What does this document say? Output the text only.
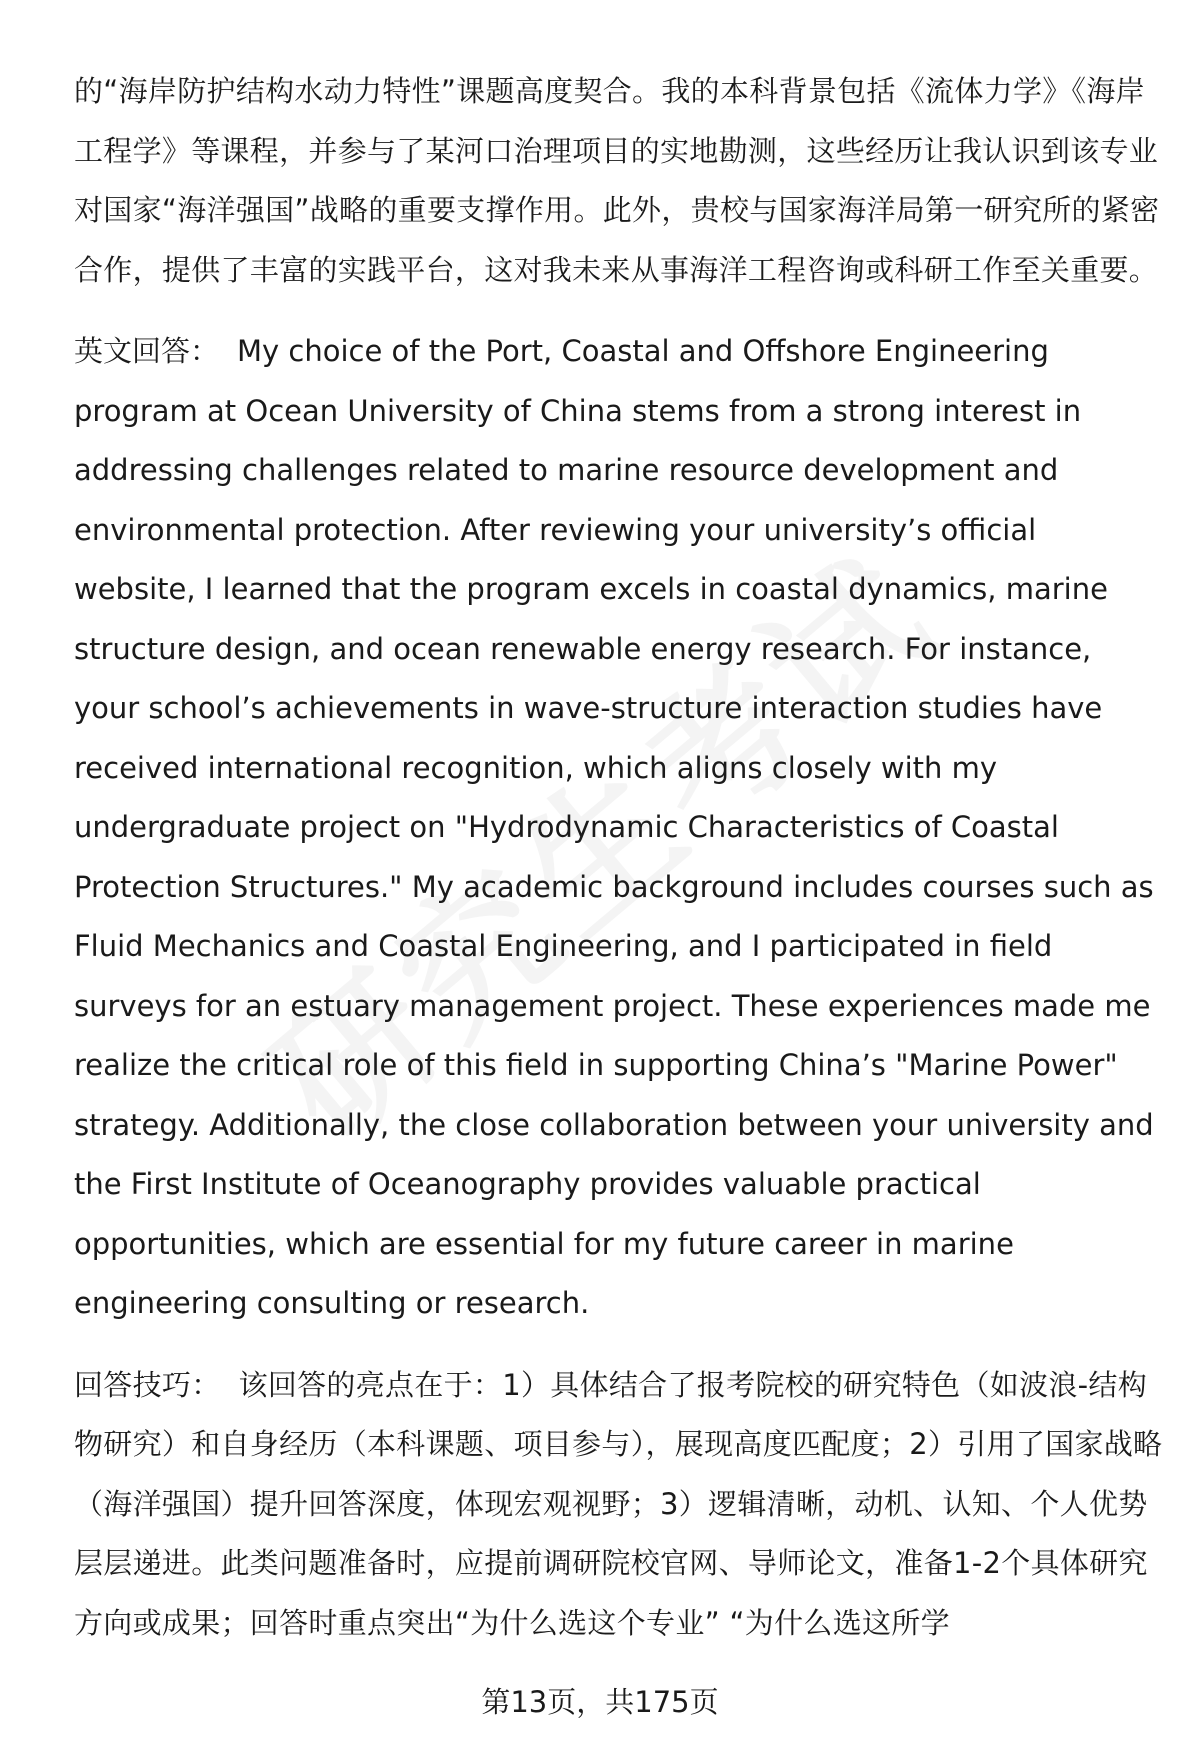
的“海岸防护结构水动力特性”课题高度契合。我的本科背景包括《流体力学》《海岸工程学》等课程，并参与了某河口治理项目的实地勘测，这些经历让我认识到该专业对国家“海洋强国”战略的重要支撑作用。此外，贵校与国家海洋局第一研究所的紧密合作，提供了丰富的实践平台，这对我未来从事海洋工程咨询或科研工作至关重要。

英文回答： My choice of the Port, Coastal and Offshore Engineering program at Ocean University of China stems from a strong interest in addressing challenges related to marine resource development and environmental protection. After reviewing your university’s official website, I learned that the program excels in coastal dynamics, marine structure design, and ocean renewable energy research. For instance, your school’s achievements in wave-structure interaction studies have received international recognition, which aligns closely with my undergraduate project on "Hydrodynamic Characteristics of Coastal Protection Structures." My academic background includes courses such as Fluid Mechanics and Coastal Engineering, and I participated in field surveys for an estuary management project. These experiences made me realize the critical role of this field in supporting China’s "Marine Power" strategy. Additionally, the close collaboration between your university and the First Institute of Oceanography provides valuable practical opportunities, which are essential for my future career in marine engineering consulting or research.

回答技巧： 该回答的亮点在于：1）具体结合了报考院校的研究特色（如波浪-结构物研究）和自身经历（本科课题、项目参与），展现高度匹配度；2）引用了国家战略（海洋强国）提升回答深度，体现宏观视野；3）逻辑清晰，动机、认知、个人优势层层递进。此类问题准备时，应提前调研院校官网、导师论文，准备1-2个具体研究方向或成果；回答时重点突出“为什么选这个专业” “为什么选这所学

第13页，共175页
